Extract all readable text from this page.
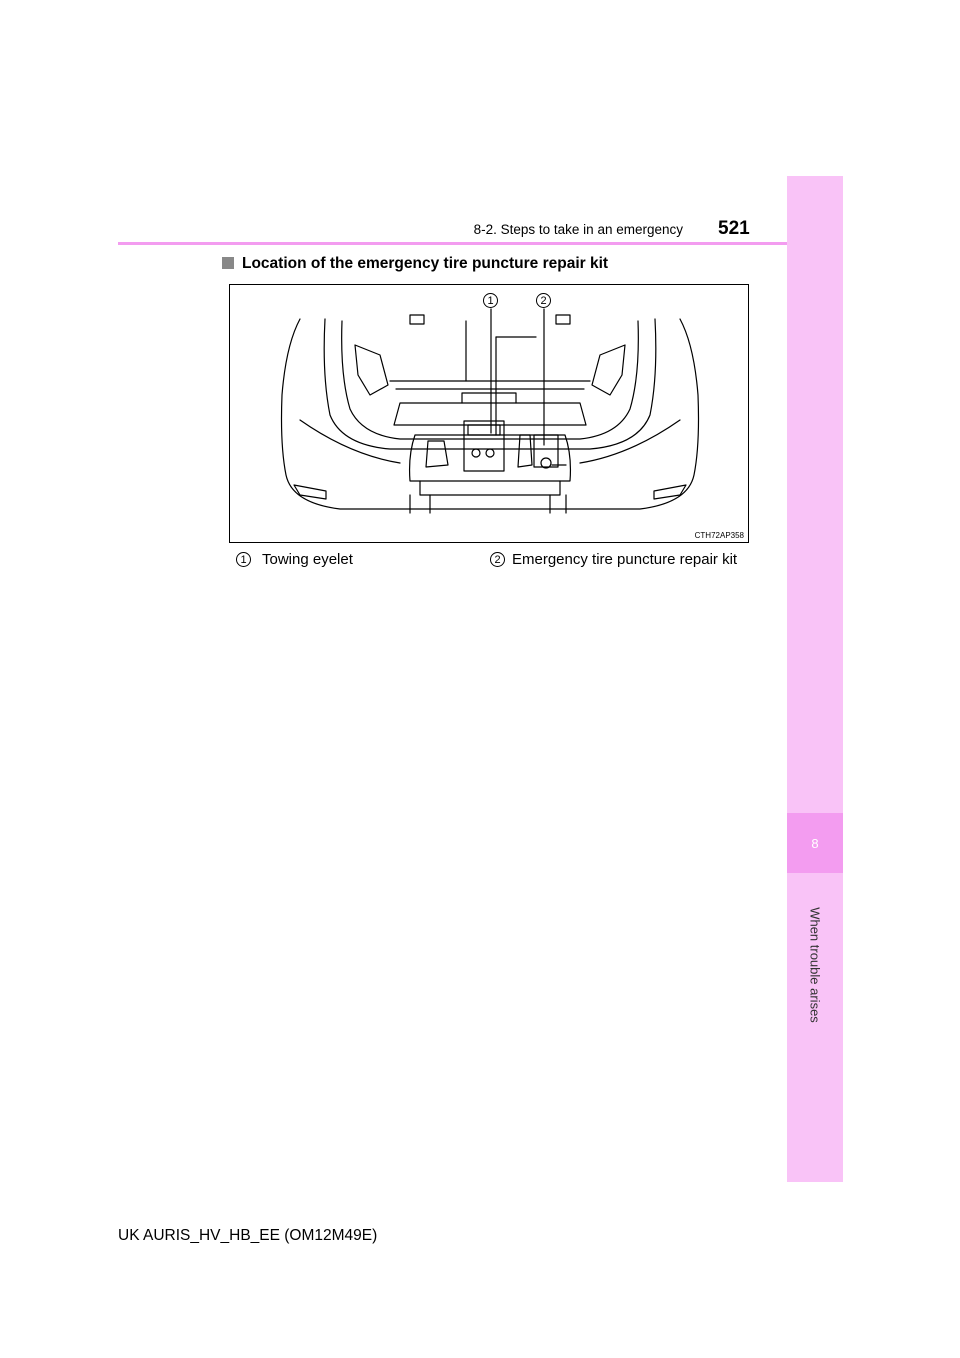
8
When trouble arises
8-2. Steps to take in an emergency 521
Location of the emergency tire puncture repair kit
1	2
CTH72AP358
1 Towing eyelet	2 Emergency tire puncture repair kit
UK AURIS_HV_HB_EE (OM12M49E)
